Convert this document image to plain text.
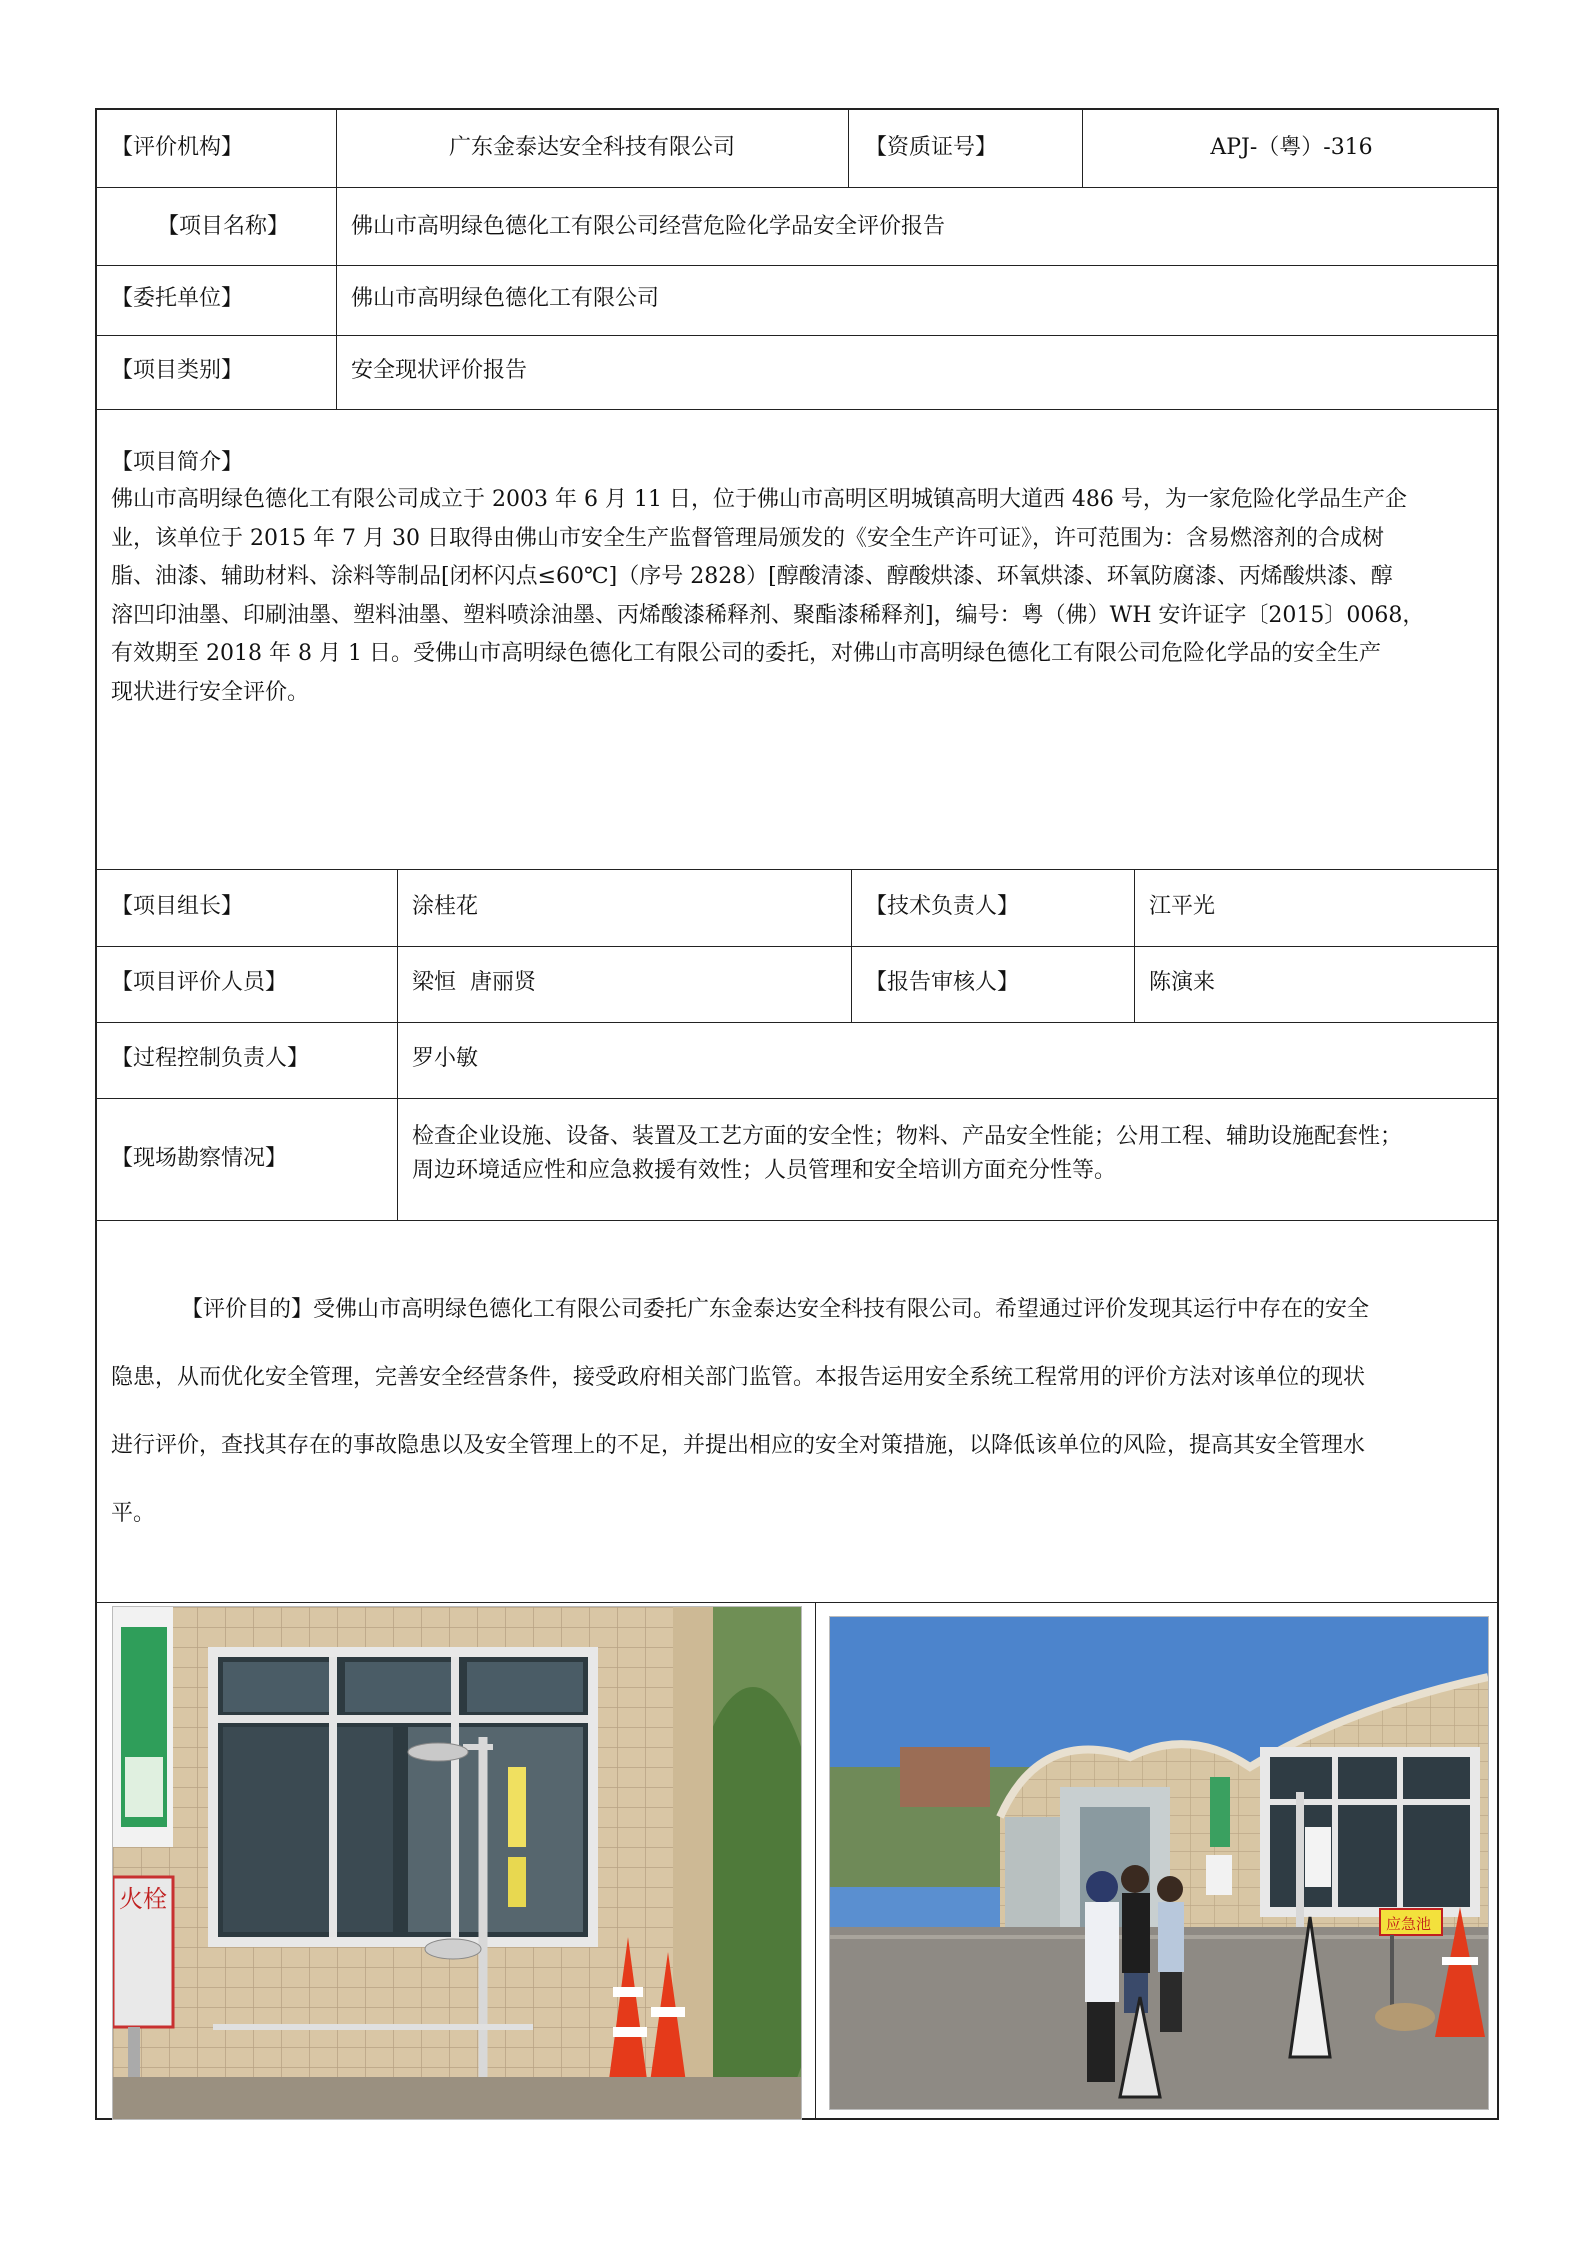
【评价机构】	广东金泰达安全科技有限公司	【资质证号】	APJ-（粤）-316
【项目名称】	佛山市高明绿色德化工有限公司经营危险化学品安全评价报告
【委托单位】	佛山市高明绿色德化工有限公司
【项目类别】	安全现状评价报告
【项目简介】
佛山市高明绿色德化工有限公司成立于 2003 年 6 月 11 日，位于佛山市高明区明城镇高明大道西 486 号，为一家危险化学品生产企
业，该单位于 2015 年 7 月 30 日取得由佛山市安全生产监督管理局颁发的《安全生产许可证》，许可范围为：含易燃溶剂的合成树
脂、油漆、辅助材料、涂料等制品[闭杯闪点≤60℃]（序号 2828）[醇酸清漆、醇酸烘漆、环氧烘漆、环氧防腐漆、丙烯酸烘漆、醇
溶凹印油墨、印刷油墨、塑料油墨、塑料喷涂油墨、丙烯酸漆稀释剂、聚酯漆稀释剂]，编号：粤（佛）WH 安许证字〔2015〕0068，
有效期至 2018 年 8 月 1 日。受佛山市高明绿色德化工有限公司的委托，对佛山市高明绿色德化工有限公司危险化学品的安全生产
现状进行安全评价。
【项目组长】	涂桂花	【技术负责人】	江平光
【项目评价人员】	梁恒  唐丽贤	【报告审核人】	陈演来
【过程控制负责人】	罗小敏
【现场勘察情况】
检查企业设施、设备、装置及工艺方面的安全性；物料、产品安全性能；公用工程、辅助设施配套性；
周边环境适应性和应急救援有效性；人员管理和安全培训方面充分性等。
【评价目的】受佛山市高明绿色德化工有限公司委托广东金泰达安全科技有限公司。希望通过评价发现其运行中存在的安全
隐患，从而优化安全管理，完善安全经营条件，接受政府相关部门监管。本报告运用安全系统工程常用的评价方法对该单位的现状
进行评价，查找其存在的事故隐患以及安全管理上的不足，并提出相应的安全对策措施，以降低该单位的风险，提高其安全管理水
平。
火栓
应急池
